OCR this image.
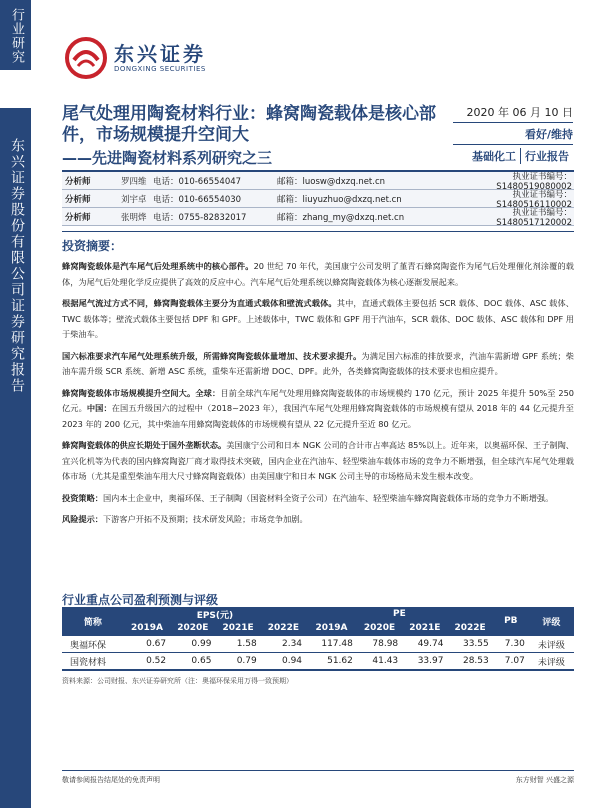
行业研究
东兴证券股份有限公司证券研究报告
东兴证券
DONGXING SECURITIES
尾气处理用陶瓷材料行业：蜂窝陶瓷载体是核心部件，市场规模提升空间大
——先进陶瓷材料系列研究之三
2020 年 06 月 10 日
看好/维持
基础化工 行业报告
分析师	罗四维 电话：010-66554047	邮箱：luosw@dxzq.net.cn	执业证书编号：S1480519080002
分析师	刘宇卓 电话：010-66554030	邮箱：liuyuzhuo@dxzq.net.cn	执业证书编号：S1480516110002
分析师	张明烨 电话：0755-82832017	邮箱：zhang_my@dxzq.net.cn	执业证书编号：S1480517120002
投资摘要：

蜂窝陶瓷载体是汽车尾气后处理系统中的核心部件。20 世纪 70 年代，美国康宁公司发明了堇青石蜂窝陶瓷作为尾气后处理催化剂涂覆的载体，为尾气后处理化学反应提供了高效的反应中心。汽车尾气后处理系统以蜂窝陶瓷载体为核心逐渐发展起来。

根据尾气流过方式不同，蜂窝陶瓷载体主要分为直通式载体和壁流式载体。其中，直通式载体主要包括 SCR 载体、DOC 载体、ASC 载体、TWC 载体等；壁流式载体主要包括 DPF 和 GPF。上述载体中，TWC 载体和 GPF 用于汽油车，SCR 载体、DOC 载体、ASC 载体和 DPF 用于柴油车。

国六标准要求汽车尾气处理系统升级，所需蜂窝陶瓷载体量增加、技术要求提升。为满足国六标准的排放要求，汽油车需新增 GPF 系统；柴油车需升级 SCR 系统、新增 ASC 系统，重柴车还需新增 DOC、DPF。此外，各类蜂窝陶瓷载体的技术要求也相应提升。

蜂窝陶瓷载体市场规模提升空间大。全球：目前全球汽车尾气处理用蜂窝陶瓷载体的市场规模约 170 亿元，预计 2025 年提升 50%至 250 亿元。中国：在国五升级国六的过程中（2018~2023 年），我国汽车尾气处理用蜂窝陶瓷载体的市场规模有望从 2018 年的 44 亿元提升至 2023 年的 200 亿元，其中柴油车用蜂窝陶瓷载体的市场规模有望从 22 亿元提升至近 80 亿元。

蜂窝陶瓷载体的供应长期处于国外垄断状态。美国康宁公司和日本 NGK 公司的合计市占率高达 85%以上。近年来，以奥福环保、王子制陶、宜兴化机等为代表的国内蜂窝陶瓷厂商才取得技术突破，国内企业在汽油车、轻型柴油车载体市场的竞争力不断增强，但全球汽车尾气处理载体市场（尤其是重型柴油车用大尺寸蜂窝陶瓷载体）由美国康宁和日本 NGK 公司主导的市场格局未发生根本改变。

投资策略：国内本土企业中，奥福环保、王子制陶（国瓷材料全资子公司）在汽油车、轻型柴油车蜂窝陶瓷载体市场的竞争力不断增强。

风险提示：下游客户开拓不及预期；技术研发风险；市场竞争加剧。

行业重点公司盈利预测与评级
简称	EPS(元)				PE				PB	评级
	2019A	2020E	2021E	2022E	2019A	2020E	2021E	2022E		
奥福环保	0.67	0.99	1.58	2.34	117.48	78.98	49.74	33.55	7.30	未评级
国瓷材料	0.52	0.65	0.79	0.94	51.62	41.43	33.97	28.53	7.07	未评级
资料来源：公司财报、东兴证券研究所（注：奥福环保采用万得一致预期）
敬请参阅报告结尾处的免责声明	东方财智 兴盛之源
